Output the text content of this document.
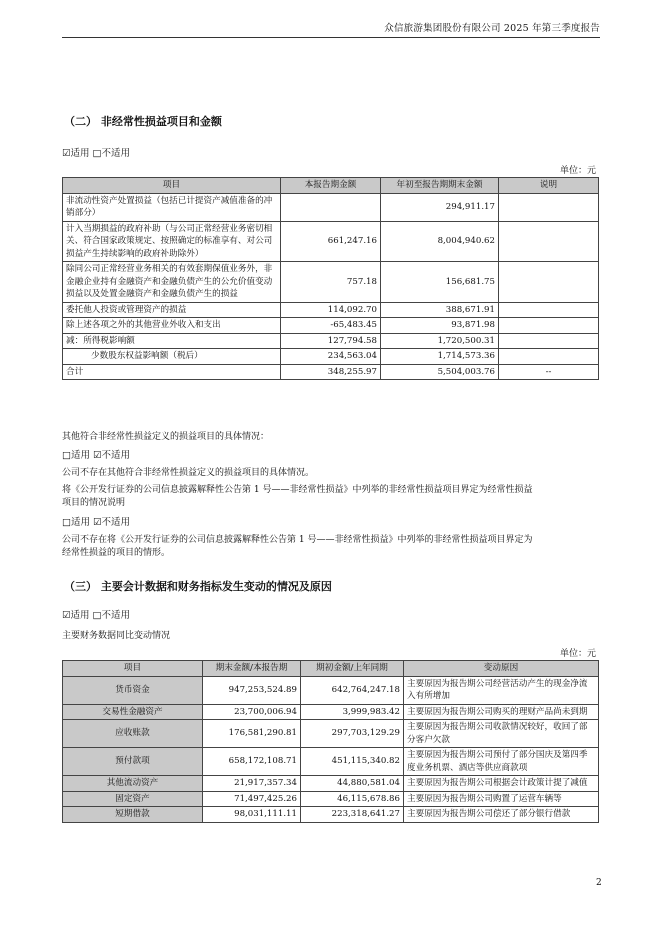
众信旅游集团股份有限公司 2025 年第三季度报告
（二） 非经常性损益项目和金额
☑适用 □不适用
单位：元
项目	本报告期金额	年初至报告期期末金额	说明
非流动性资产处置损益（包括已计提资产减值准备的冲销部分）		294,911.17	
计入当期损益的政府补助（与公司正常经营业务密切相关、符合国家政策规定、按照确定的标准享有、对公司损益产生持续影响的政府补助除外）	661,247.16	8,004,940.62	
除同公司正常经营业务相关的有效套期保值业务外，非金融企业持有金融资产和金融负债产生的公允价值变动损益以及处置金融资产和金融负债产生的损益	757.18	156,681.75	
委托他人投资或管理资产的损益	114,092.70	388,671.91	
除上述各项之外的其他营业外收入和支出	-65,483.45	93,871.98	
减：所得税影响额	127,794.58	1,720,500.31	
少数股东权益影响额（税后）	234,563.04	1,714,573.36	
合计	348,255.97	5,504,003.76	--
其他符合非经常性损益定义的损益项目的具体情况：
□适用 ☑不适用
公司不存在其他符合非经常性损益定义的损益项目的具体情况。
将《公开发行证券的公司信息披露解释性公告第 1 号——非经常性损益》中列举的非经常性损益项目界定为经常性损益
项目的情况说明
□适用 ☑不适用
公司不存在将《公开发行证券的公司信息披露解释性公告第 1 号——非经常性损益》中列举的非经常性损益项目界定为
经常性损益的项目的情形。
（三） 主要会计数据和财务指标发生变动的情况及原因
☑适用 □不适用
主要财务数据同比变动情况
单位：元
项目	期末金额/本报告期	期初金额/上年同期	变动原因
货币资金	947,253,524.89	642,764,247.18	主要原因为报告期公司经营活动产生的现金净流入有所增加
交易性金融资产	23,700,006.94	3,999,983.42	主要原因为报告期公司购买的理财产品尚未到期
应收账款	176,581,290.81	297,703,129.29	主要原因为报告期公司收款情况较好，收回了部分客户欠款
预付款项	658,172,108.71	451,115,340.82	主要原因为报告期公司预付了部分国庆及第四季度业务机票、酒店等供应商款项
其他流动资产	21,917,357.34	44,880,581.04	主要原因为报告期公司根据会计政策计提了减值
固定资产	71,497,425.26	46,115,678.86	主要原因为报告期公司购置了运营车辆等
短期借款	98,031,111.11	223,318,641.27	主要原因为报告期公司偿还了部分银行借款
2
